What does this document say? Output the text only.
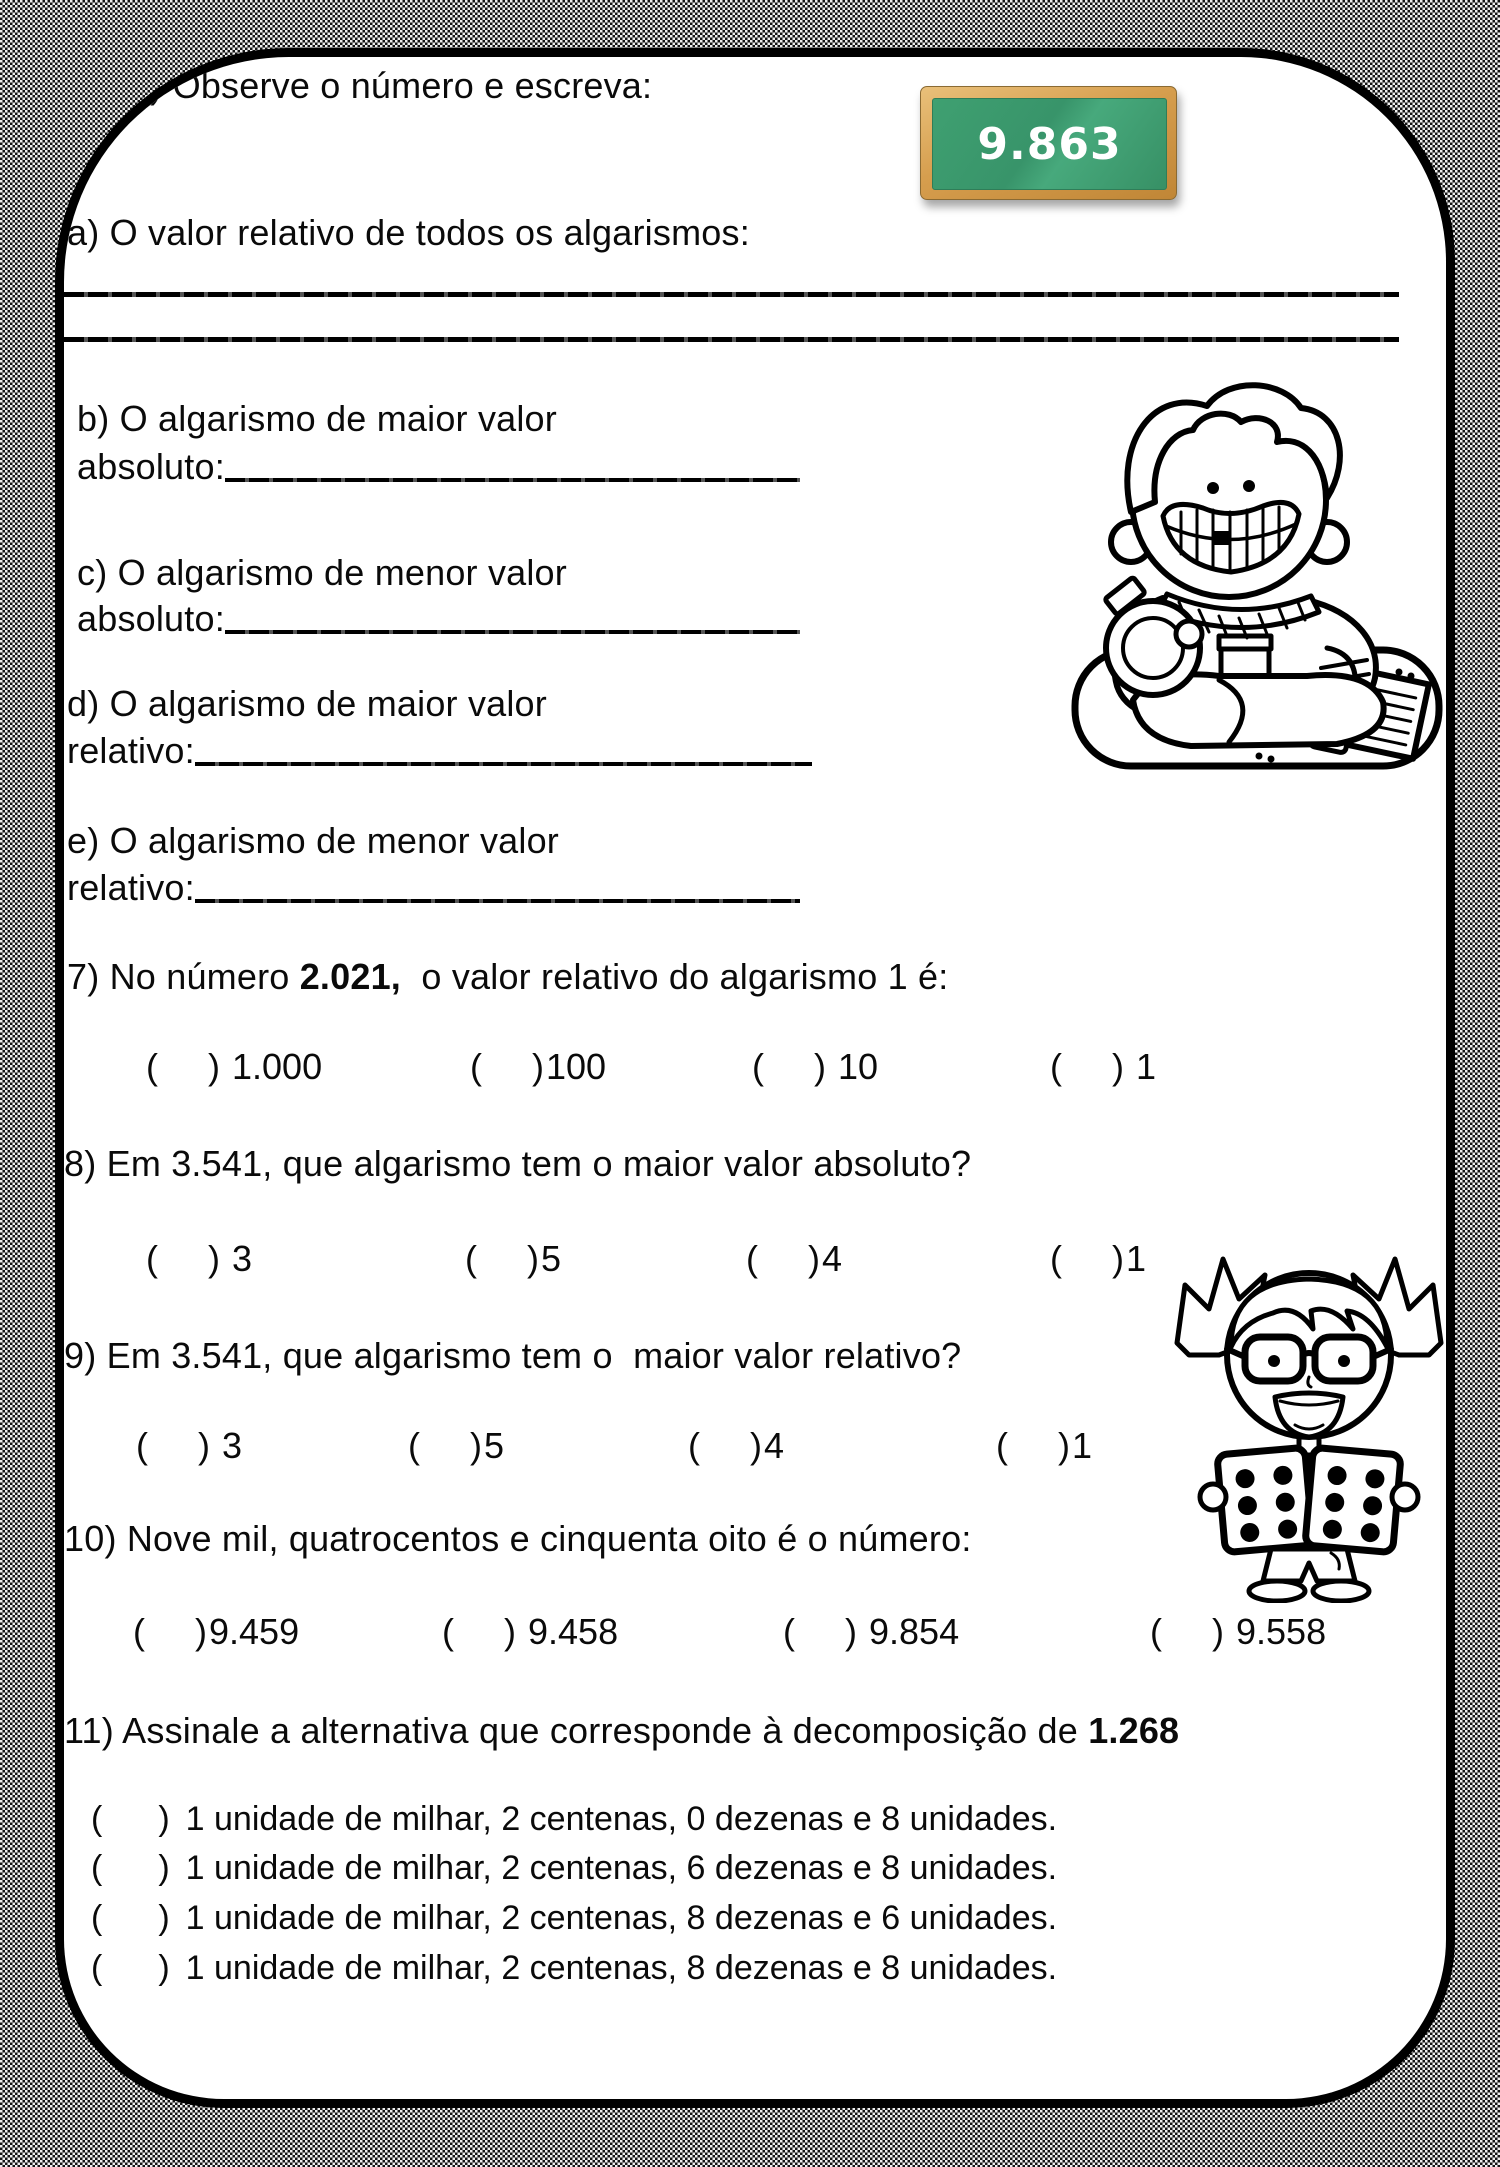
6) Observe o número e escreva:
9.863
a) O valor relativo de todos os algarismos:
b) O algarismo de maior valor
absoluto:
c) O algarismo de menor valor
absoluto:
d) O algarismo de maior valor
relativo:
e) O algarismo de menor valor
relativo:
7) No número 2.021,  o valor relativo do algarismo 1 é:
( ) 1.000	( )100	( ) 10	( ) 1
8) Em 3.541, que algarismo tem o maior valor absoluto?
( ) 3	( )5	( )4	( )1
9) Em 3.541, que algarismo tem o  maior valor relativo?
( ) 3	( )5	( )4	( )1
10) Nove mil, quatrocentos e cinquenta oito é o número:
( )9.459	( ) 9.458	( ) 9.854	( ) 9.558
11) Assinale a alternativa que corresponde à decomposição de 1.268
( ) 1 unidade de milhar, 2 centenas, 0 dezenas e 8 unidades.
( ) 1 unidade de milhar, 2 centenas, 6 dezenas e 8 unidades.
( ) 1 unidade de milhar, 2 centenas, 8 dezenas e 6 unidades.
( ) 1 unidade de milhar, 2 centenas, 8 dezenas e 8 unidades.
